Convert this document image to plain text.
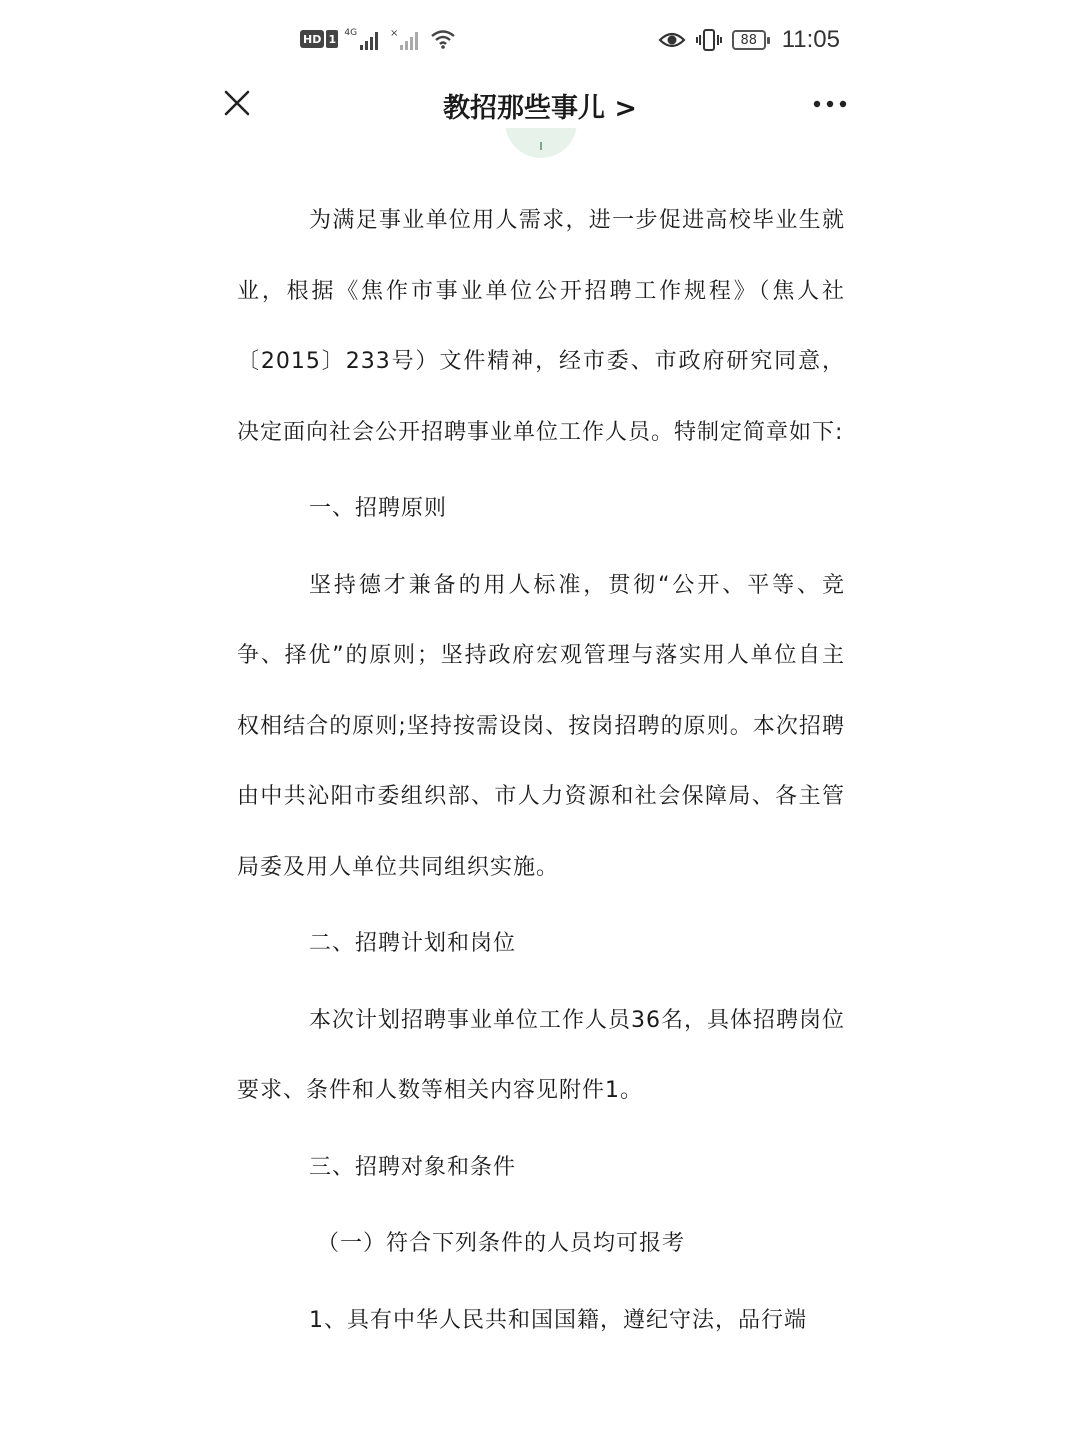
HD 1 4G	×	88	11:05
教招那些事儿 >

为满足事业单位用人需求，进一步促进高校毕业生就业，根据《焦作市事业单位公开招聘工作规程》（焦人社〔2015〕233号）文件精神，经市委、市政府研究同意，决定面向社会公开招聘事业单位工作人员。特制定简章如下:

一、招聘原则

坚持德才兼备的用人标准，贯彻“公开、平等、竞争、择优”的原则；坚持政府宏观管理与落实用人单位自主权相结合的原则;坚持按需设岗、按岗招聘的原则。本次招聘由中共沁阳市委组织部、市人力资源和社会保障局、各主管局委及用人单位共同组织实施。

二、招聘计划和岗位

本次计划招聘事业单位工作人员36名，具体招聘岗位要求、条件和人数等相关内容见附件1。

三、招聘对象和条件

（一）符合下列条件的人员均可报考

1、具有中华人民共和国国籍，遵纪守法，品行端
